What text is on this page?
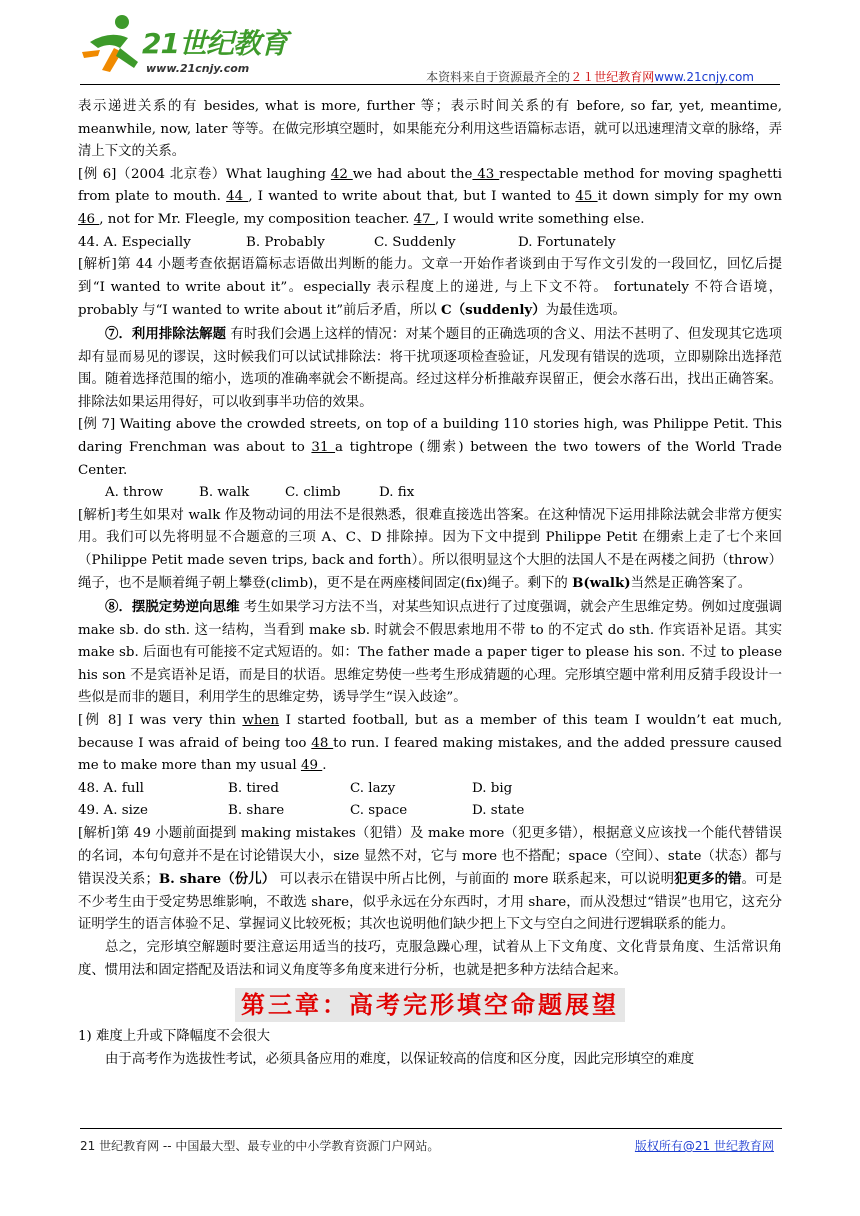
21世纪教育
www.21cnjy.com
本资料来自于资源最齐全的２１世纪教育网www.21cnjy.com

表示递进关系的有 besides, what is more, further 等；表示时间关系的有 before, so far, yet, meantime, meanwhile, now, later 等等。在做完形填空题时，如果能充分利用这些语篇标志语，就可以迅速理清文章的脉络，弄清上下文的关系。

[例 6]（2004 北京卷）What laughing 42 we had about the 43 respectable method for moving spaghetti from plate to mouth. 44 , I wanted to write about that, but I wanted to 45 it down simply for my own 46 , not for Mr. Fleegle, my composition teacher. 47 , I would write something else.

44. A. Especially	B. Probably	C. Suddenly	D. Fortunately

[解析]第 44 小题考查依据语篇标志语做出判断的能力。文章一开始作者谈到由于写作文引发的一段回忆，回忆后提到“I wanted to write about it”。especially 表示程度上的递进, 与上下文不符。 fortunately 不符合语境， probably 与“I wanted to write about it”前后矛盾，所以 C（suddenly）为最佳选项。

⑦．利用排除法解题 有时我们会遇上这样的情况：对某个题目的正确选项的含义、用法不甚明了、但发现其它选项却有显而易见的谬误，这时候我们可以试试排除法：将干扰项逐项检查验证，凡发现有错误的选项，立即剔除出选择范围。随着选择范围的缩小，选项的准确率就会不断提高。经过这样分析推敲弃误留正，便会水落石出，找出正确答案。排除法如果运用得好，可以收到事半功倍的效果。

[例 7] Waiting above the crowded streets, on top of a building 110 stories high, was Philippe Petit. This daring Frenchman was about to 31 a tightrope (绷索) between the two towers of the World Trade Center.

A. throw	B. walk	C. climb	D. fix

[解析]考生如果对 walk 作及物动词的用法不是很熟悉，很难直接选出答案。在这种情况下运用排除法就会非常方便实用。我们可以先将明显不合题意的三项 A、C、D 排除掉。因为下文中提到 Philippe Petit 在绷索上走了七个来回（Philippe Petit made seven trips, back and forth）。所以很明显这个大胆的法国人不是在两楼之间扔（throw）绳子，也不是顺着绳子朝上攀登(climb)，更不是在两座楼间固定(fix)绳子。剩下的 B(walk)当然是正确答案了。

⑧．摆脱定势逆向思维 考生如果学习方法不当，对某些知识点进行了过度强调，就会产生思维定势。例如过度强调 make sb. do sth. 这一结构，当看到 make sb. 时就会不假思索地用不带 to 的不定式 do sth. 作宾语补足语。其实 make sb. 后面也有可能接不定式短语的。如：The father made a paper tiger to please his son. 不过 to please his son 不是宾语补足语，而是目的状语。思维定势使一些考生形成猜题的心理。完形填空题中常利用反猜手段设计一些似是而非的题目，利用学生的思维定势，诱导学生“误入歧途”。

[例 8] I was very thin when I started football, but as a member of this team I wouldn’t eat much, because I was afraid of being too 48 to run. I feared making mistakes, and the added pressure caused me to make more than my usual 49 .

48. A. full	B. tired	C. lazy	D. big

49. A. size	B. share	C. space	D. state

[解析]第 49 小题前面提到 making mistakes（犯错）及 make more（犯更多错），根据意义应该找一个能代替错误的名词，本句句意并不是在讨论错误大小，size 显然不对，它与 more 也不搭配；space（空间）、state（状态）都与错误没关系；B. share（份儿） 可以表示在错误中所占比例，与前面的 more 联系起来，可以说明犯更多的错。可是不少考生由于受定势思维影响，不敢选 share，似乎永远在分东西时，才用 share，而从没想过“错误”也用它，这充分证明学生的语言体验不足、掌握词义比较死板；其次也说明他们缺少把上下文与空白之间进行逻辑联系的能力。

总之，完形填空解题时要注意运用适当的技巧，克服急躁心理，试着从上下文角度、文化背景角度、生活常识角度、惯用法和固定搭配及语法和词义角度等多角度来进行分析，也就是把多种方法结合起来。

第三章：高考完形填空命题展望

1) 难度上升或下降幅度不会很大

由于高考作为选拔性考试，必须具备应用的难度，以保证较高的信度和区分度，因此完形填空的难度

21 世纪教育网 -- 中国最大型、最专业的中小学教育资源门户网站。	版权所有@21 世纪教育网
